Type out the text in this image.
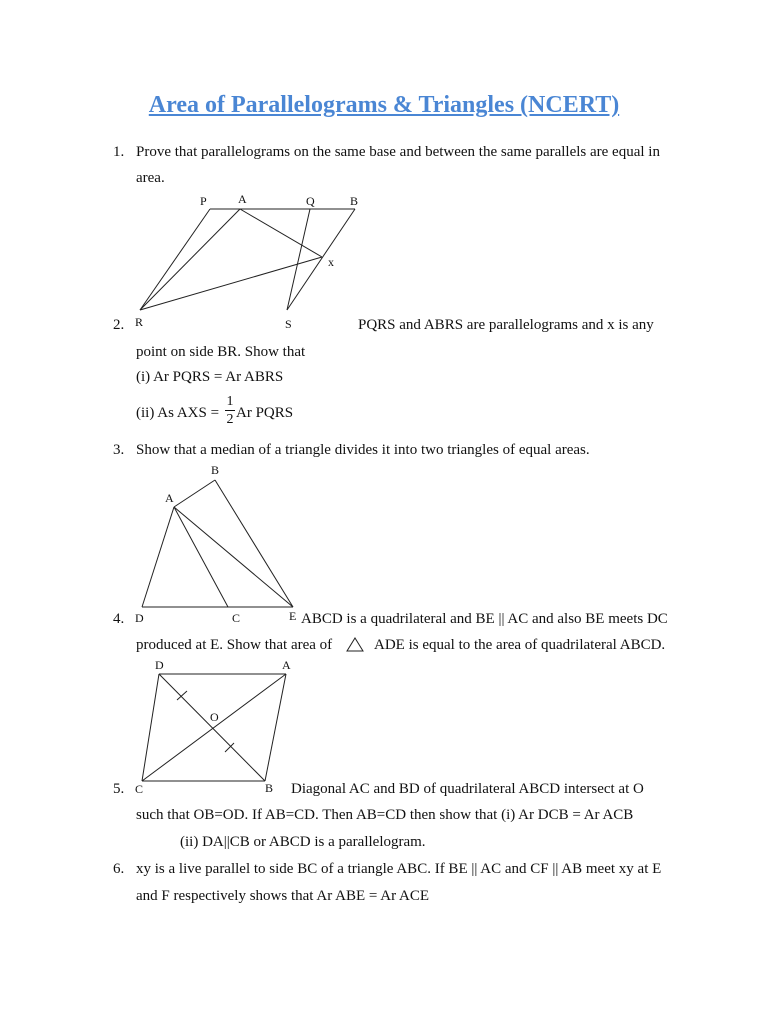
Area of Parallelograms & Triangles (NCERT)
1. Prove that parallelograms on the same base and between the same parallels are equal in
area.
P	A	Q	B
x
R	S
2.	PQRS and ABRS are parallelograms and x is any
point on side BR. Show that
(i) Ar PQRS = Ar ABRS
(ii) As AXS =
1
2 Ar PQRS
3. Show that a median of a triangle divides it into two triangles of equal areas.
B
A
D	C	E
4.	ABCD is a quadrilateral and BE || AC and also BE meets DC
produced at E. Show that area of	ADE is equal to the area of quadrilateral ABCD.
D	A
O
C	B
5.	Diagonal AC and BD of quadrilateral ABCD intersect at O
such that OB=OD. If AB=CD. Then AB=CD then show that (i) Ar DCB = Ar ACB
(ii) DA||CB or ABCD is a parallelogram.
6. xy is a live parallel to side BC of a triangle ABC. If BE || AC and CF || AB meet xy at E
and F respectively shows that Ar ABE = Ar ACE
